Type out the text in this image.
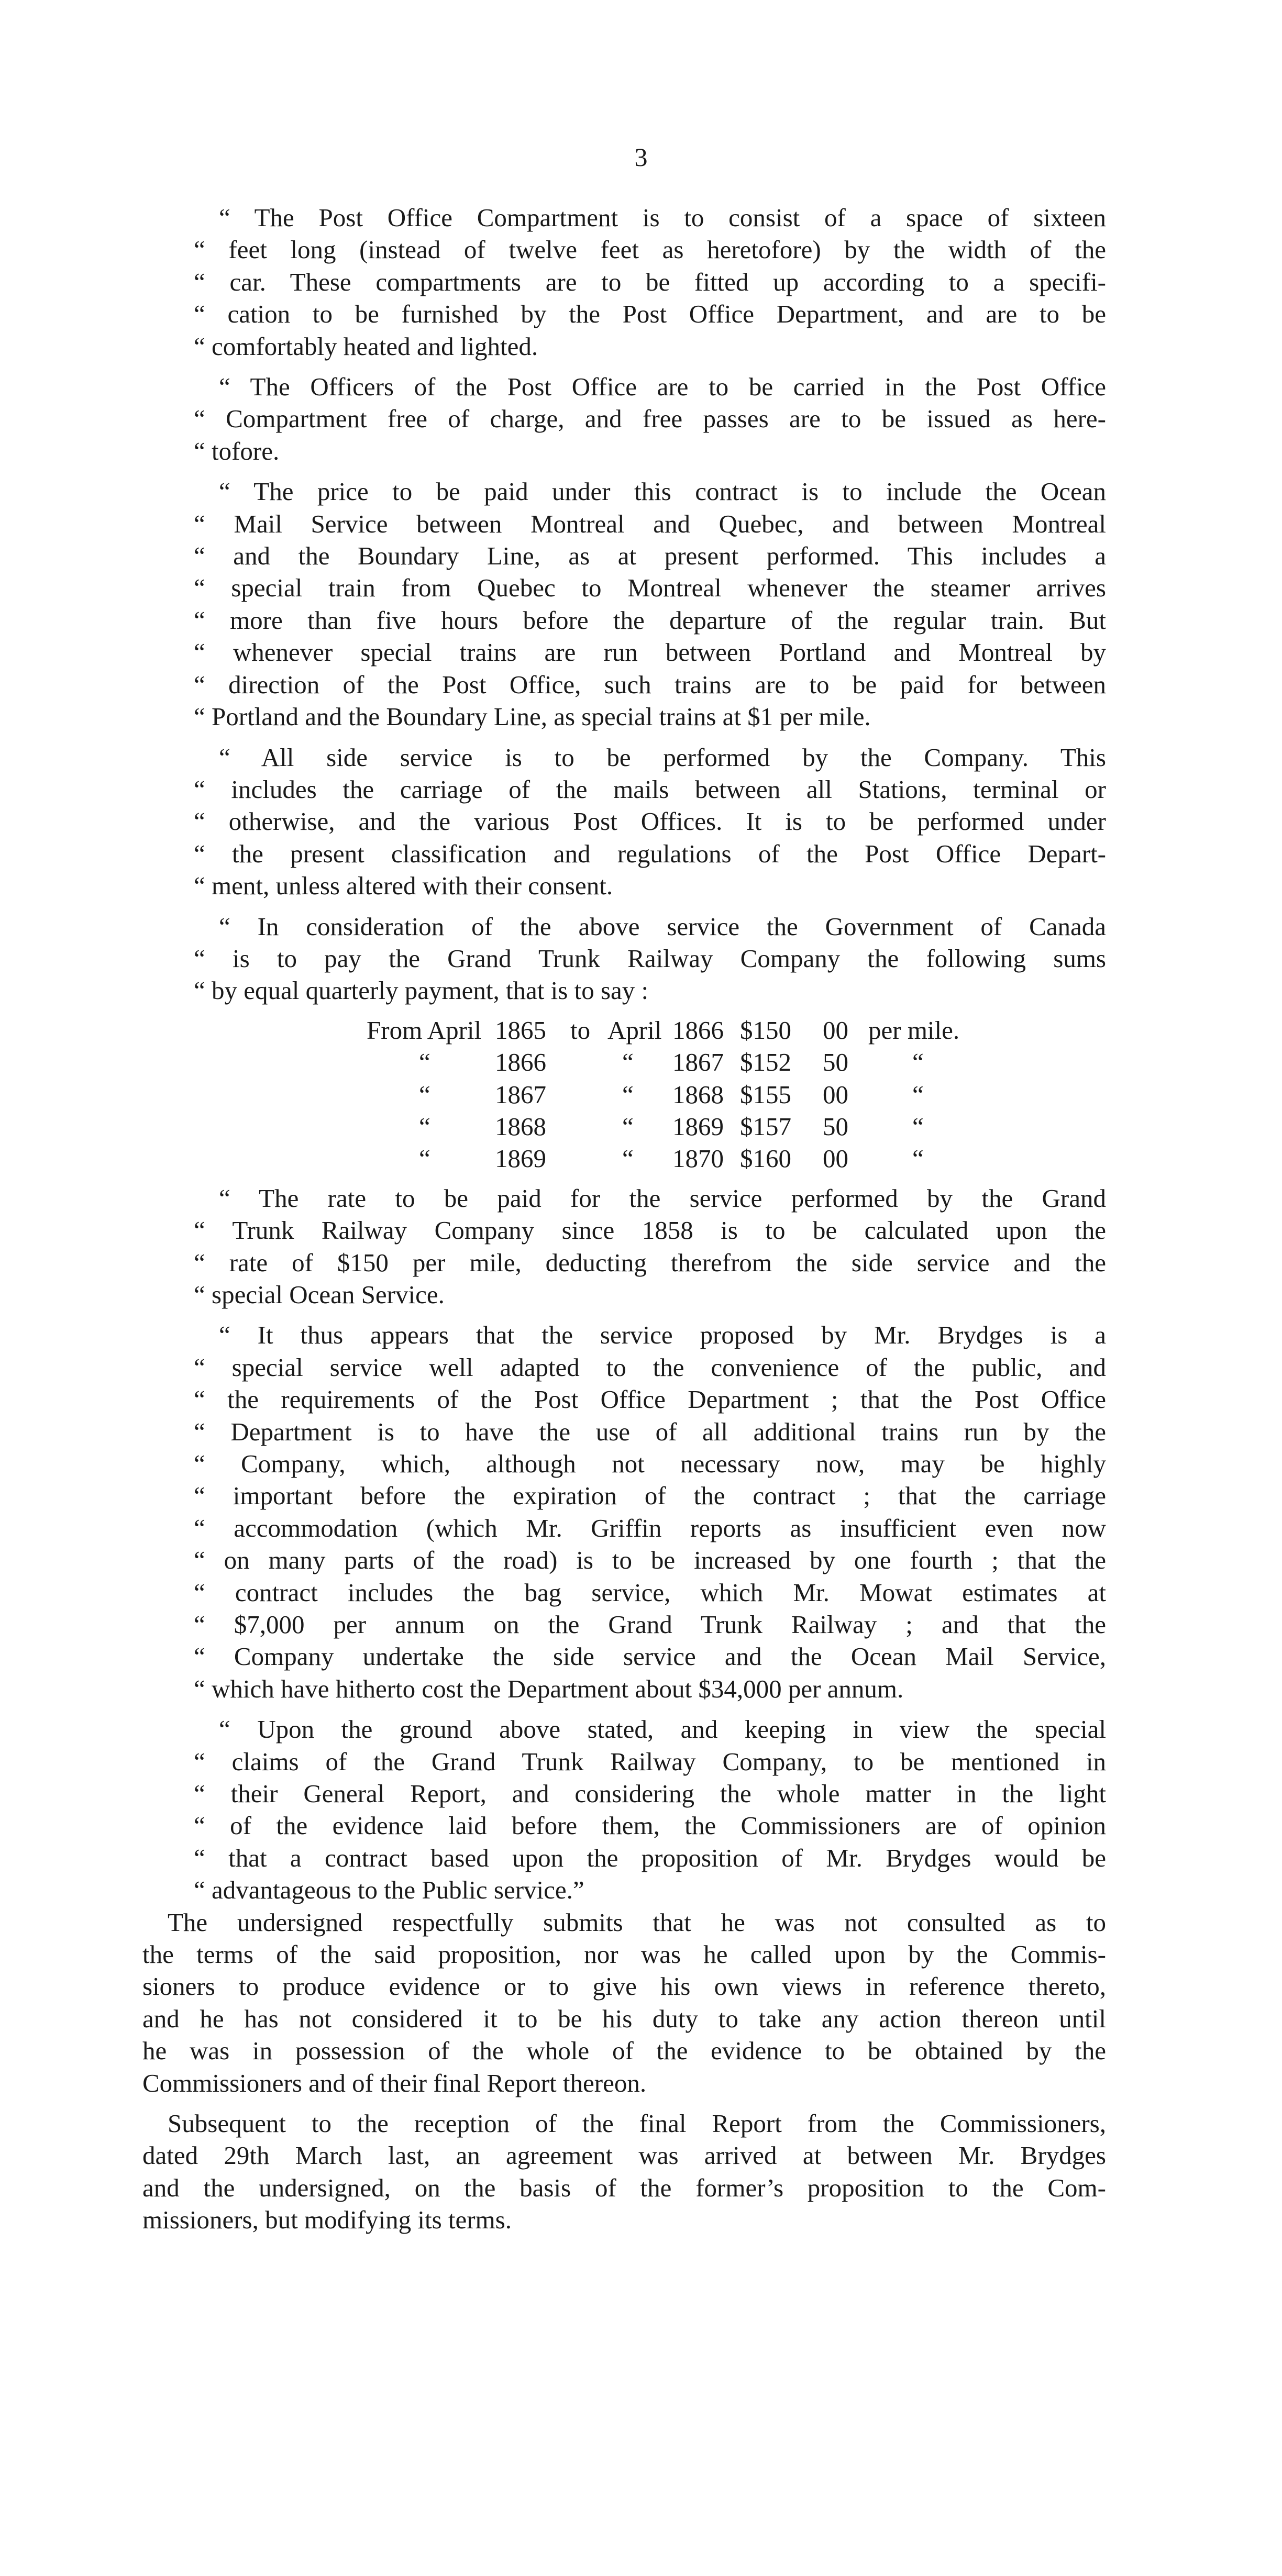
3
“ The Post Office Compartment is to consist of a space of sixteen
“ feet long (instead of twelve feet as heretofore) by the width of the
“ car. These compartments are to be fitted up according to a specifi-
“ cation to be furnished by the Post Office Department, and are to be
“ comfortably heated and lighted.
“ The Officers of the Post Office are to be carried in the Post Office
“ Compartment free of charge, and free passes are to be issued as here-
“ tofore.
“ The price to be paid under this contract is to include the Ocean
“ Mail Service between Montreal and Quebec, and between Montreal
“ and the Boundary Line, as at present performed. This includes a
“ special train from Quebec to Montreal whenever the steamer arrives
“ more than five hours before the departure of the regular train. But
“ whenever special trains are run between Portland and Montreal by
“ direction of the Post Office, such trains are to be paid for between
“ Portland and the Boundary Line, as special trains at $1 per mile.
“ All side service is to be performed by the Company. This
“ includes the carriage of the mails between all Stations, terminal or
“ otherwise, and the various Post Offices. It is to be performed under
“ the present classification and regulations of the Post Office Depart-
“ ment, unless altered with their consent.
“ In consideration of the above service the Government of Canada
“ is to pay the Grand Trunk Railway Company the following sums
“ by equal quarterly payment, that is to say :
From April 1865 to April 1866 $150 00 per mile.
“	1866	“ 1867 $152 50 “
“	1867	“ 1868 $155 00 “
“	1868	“ 1869 $157 50 “
“	1869	“ 1870 $160 00 “
“ The rate to be paid for the service performed by the Grand
“ Trunk Railway Company since 1858 is to be calculated upon the
“ rate of $150 per mile, deducting therefrom the side service and the
“ special Ocean Service.
“ It thus appears that the service proposed by Mr. Brydges is a
“ special service well adapted to the convenience of the public, and
“ the requirements of the Post Office Department ; that the Post Office
“ Department is to have the use of all additional trains run by the
“ Company, which, although not necessary now, may be highly
“ important before the expiration of the contract ; that the carriage
“ accommodation (which Mr. Griffin reports as insufficient even now
“ on many parts of the road) is to be increased by one fourth ; that the
“ contract includes the bag service, which Mr. Mowat estimates at
“ $7,000 per annum on the Grand Trunk Railway ; and that the
“ Company undertake the side service and the Ocean Mail Service,
“ which have hitherto cost the Department about $34,000 per annum.
“ Upon the ground above stated, and keeping in view the special
“ claims of the Grand Trunk Railway Company, to be mentioned in
“ their General Report, and considering the whole matter in the light
“ of the evidence laid before them, the Commissioners are of opinion
“ that a contract based upon the proposition of Mr. Brydges would be
“ advantageous to the Public service.”
The undersigned respectfully submits that he was not consulted as to
the terms of the said proposition, nor was he called upon by the Commis-
sioners to produce evidence or to give his own views in reference thereto,
and he has not considered it to be his duty to take any action thereon until
he was in possession of the whole of the evidence to be obtained by the
Commissioners and of their final Report thereon.
Subsequent to the reception of the final Report from the Commissioners,
dated 29th March last, an agreement was arrived at between Mr. Brydges
and the undersigned, on the basis of the former’s proposition to the Com-
missioners, but modifying its terms.
